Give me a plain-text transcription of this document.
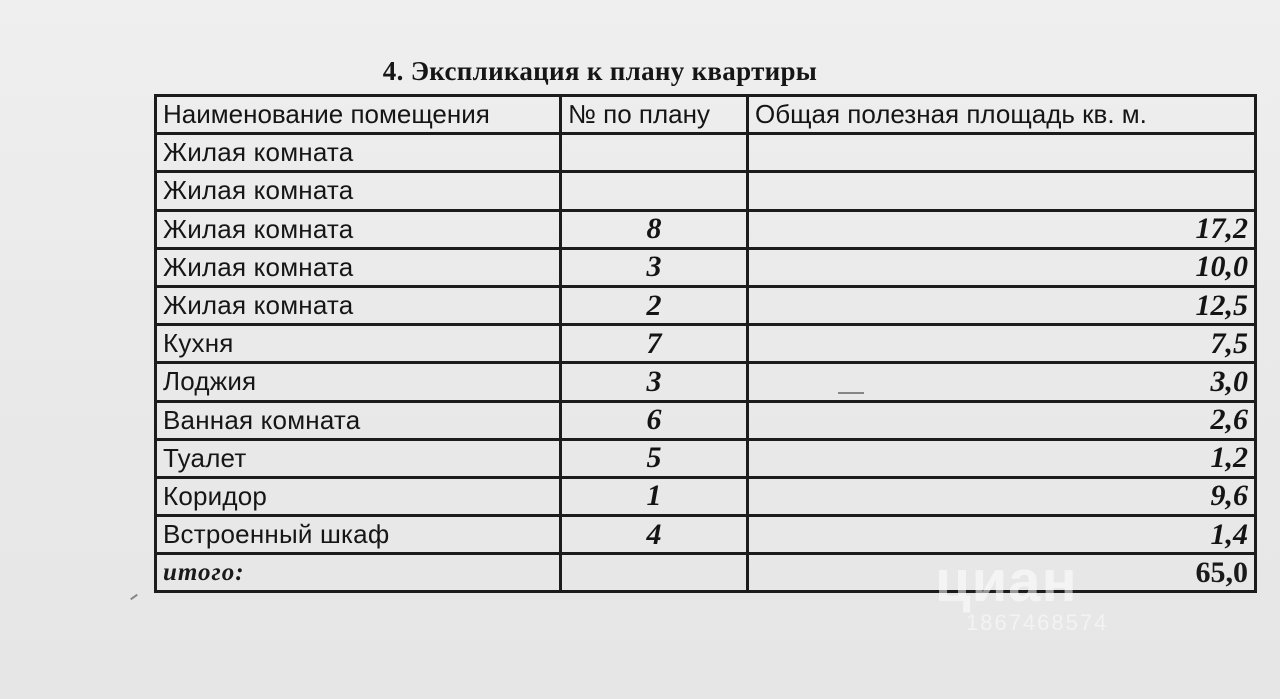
4. Экспликация к плану квартиры
Наименование помещения	№ по плану	Общая полезная площадь кв. м.
Жилая комната		
Жилая комната		
Жилая комната	8	17,2
Жилая комната	3	10,0
Жилая комната	2	12,5
Кухня	7	7,5
Лоджия	3	3,0
Ванная комната	6	2,6
Туалет	5	1,2
Коридор	1	9,6
Встроенный шкаф	4	1,4
итого:		65,0
циан
1867468574
